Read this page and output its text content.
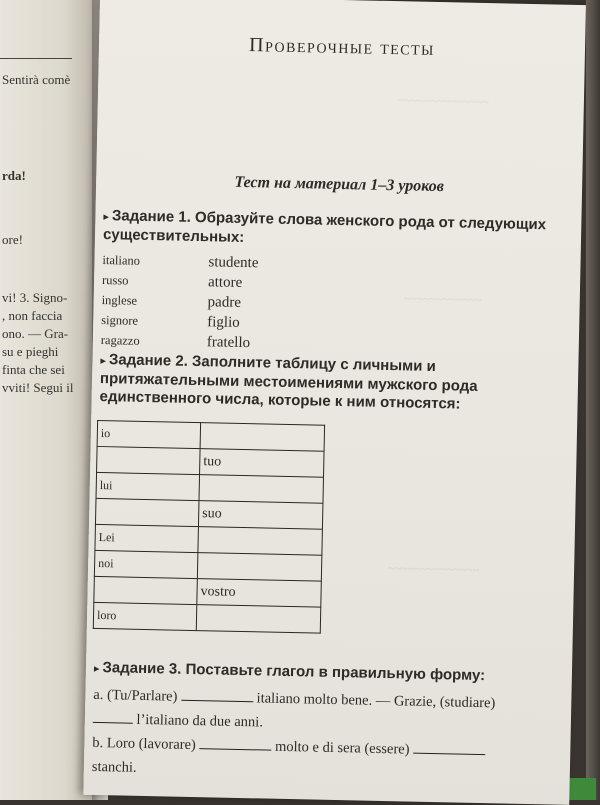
Sentirà comè
rda!
ore!
vi! 3. Signo-
, non faccia
ono. — Gra-
su e pieghi
finta che sei
vviti! Segui il
~~~~~~~~~~~~~~
~~~~~~~~~~~~
~~~~~~~~~~~~~~
Проверочные тесты
Тест на материал 1–3 уроков
▸ Задание 1. Образуйте слова женского рода от следующих существительных:
italiano	studente
russo	attore
inglese	padre
signore	figlio
ragazzo	fratello
▸ Задание 2. Заполните таблицу с личными и притяжательными местоимениями мужского рода единственного числа, которые к ним относятся:
io	
	tuo
lui	
	suo
Lei	
noi	
	vostro
loro	
▸ Задание 3. Поставьте глагол в правильную форму:
a. (Tu/Parlare)	italiano molto bene. — Grazie, (studiare)
l’italiano da due anni.
b. Loro (lavorare)	molto e di sera (essere)
stanchi.
